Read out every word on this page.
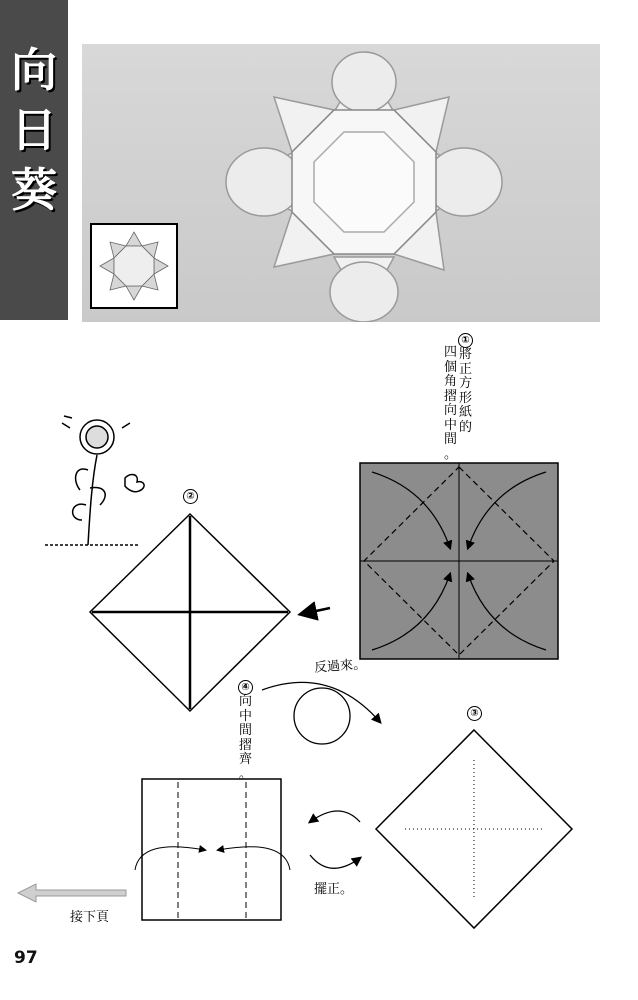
向
日
葵
①
將
正
方
形
紙
的
四
個
角
摺
向
中
間
。
②
③
④
向
中
間
摺
齊
。
反過來。
擺正。
接下頁
97
